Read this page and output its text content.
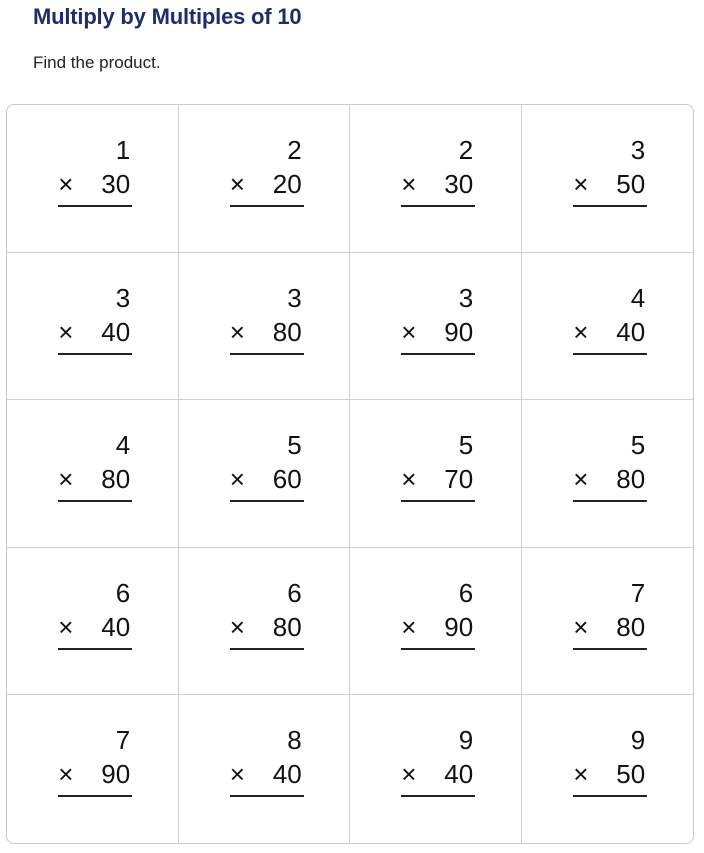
Multiply by Multiples of 10
Find the product.
1
× 30
2
× 20
2
× 30
3
× 50
3
× 40
3
× 80
3
× 90
4
× 40
4
× 80
5
× 60
5
× 70
5
× 80
6
× 40
6
× 80
6
× 90
7
× 80
7
× 90
8
× 40
9
× 40
9
× 50
